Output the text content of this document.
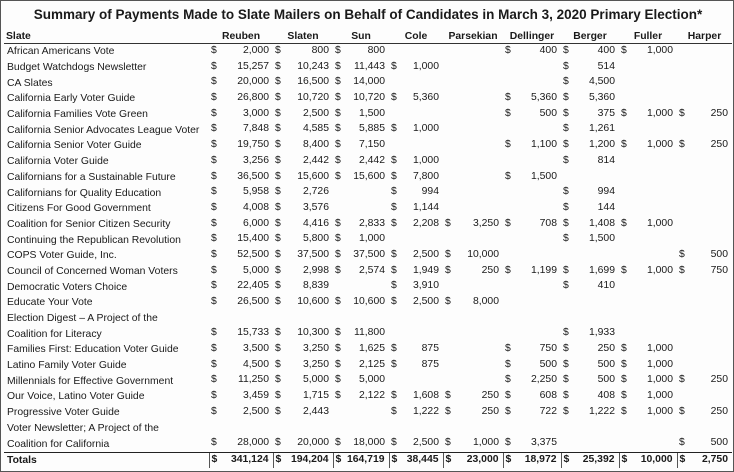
Summary of Payments Made to Slate Mailers on Behalf of Candidates in March 3, 2020 Primary Election*
Slate	Reuben	Slaten	Sun	Cole	Parsekian	Dellinger	Berger	Fuller	Harper
African Americans Vote	$ 2,000	$ 800	$ 800			$ 400	$ 400	$ 1,000	

Budget Watchdogs Newsletter	$ 15,257	$ 10,243	$ 11,443	$ 1,000			$ 514		

CA Slates	$ 20,000	$ 16,500	$ 14,000				$ 4,500		

California Early Voter Guide	$ 26,800	$ 10,720	$ 10,720	$ 5,360		$ 5,360	$ 5,360		

California Families Vote Green	$ 3,000	$ 2,500	$ 1,500			$ 500	$ 375	$ 1,000	$ 250

California Senior Advocates League Voter	$ 7,848	$ 4,585	$ 5,885	$ 1,000			$ 1,261		

California Senior Voter Guide	$ 19,750	$ 8,400	$ 7,150			$ 1,100	$ 1,200	$ 1,000	$ 250

California Voter Guide	$ 3,256	$ 2,442	$ 2,442	$ 1,000			$ 814		

Californians for a Sustainable Future	$ 36,500	$ 15,600	$ 15,600	$ 7,800		$ 1,500			

Californians for Quality Education	$ 5,958	$ 2,726		$ 994			$ 994		

Citizens For Good Government	$ 4,008	$ 3,576		$ 1,144			$ 144		

Coalition for Senior Citizen Security	$ 6,000	$ 4,416	$ 2,833	$ 2,208	$ 3,250	$ 708	$ 1,408	$ 1,000	

Continuing the Republican Revolution	$ 15,400	$ 5,800	$ 1,000				$ 1,500		

COPS Voter Guide, Inc.	$ 52,500	$ 37,500	$ 37,500	$ 2,500	$ 10,000				$ 500

Council of Concerned Woman Voters	$ 5,000	$ 2,998	$ 2,574	$ 1,949	$ 250	$ 1,199	$ 1,699	$ 1,000	$ 750

Democratic Voters Choice	$ 22,405	$ 8,839		$ 3,910			$ 410		

Educate Your Vote	$ 26,500	$ 10,600	$ 10,600	$ 2,500	$ 8,000				

Election Digest – A Project of the									
Coalition for Literacy	$ 15,733	$ 10,300	$ 11,800				$ 1,933		

Families First: Education Voter Guide	$ 3,500	$ 3,250	$ 1,625	$ 875		$ 750	$ 250	$ 1,000	

Latino Family Voter Guide	$ 4,500	$ 3,250	$ 2,125	$ 875		$ 500	$ 500	$ 1,000	

Millennials for Effective Government	$ 11,250	$ 5,000	$ 5,000			$ 2,250	$ 500	$ 1,000	$ 250

Our Voice, Latino Voter Guide	$ 3,459	$ 1,715	$ 2,122	$ 1,608	$ 250	$ 608	$ 408	$ 1,000	

Progressive Voter Guide	$ 2,500	$ 2,443		$ 1,222	$ 250	$ 722	$ 1,222	$ 1,000	$ 250

Voter Newsletter; A Project of the									
Coalition for California	$ 28,000	$ 20,000	$ 18,000	$ 2,500	$ 1,000	$ 3,375			$ 500

Totals	$ 341,124	$ 194,204	$ 164,719	$ 38,445	$ 23,000	$ 18,972	$ 25,392	$ 10,000	$ 2,750
